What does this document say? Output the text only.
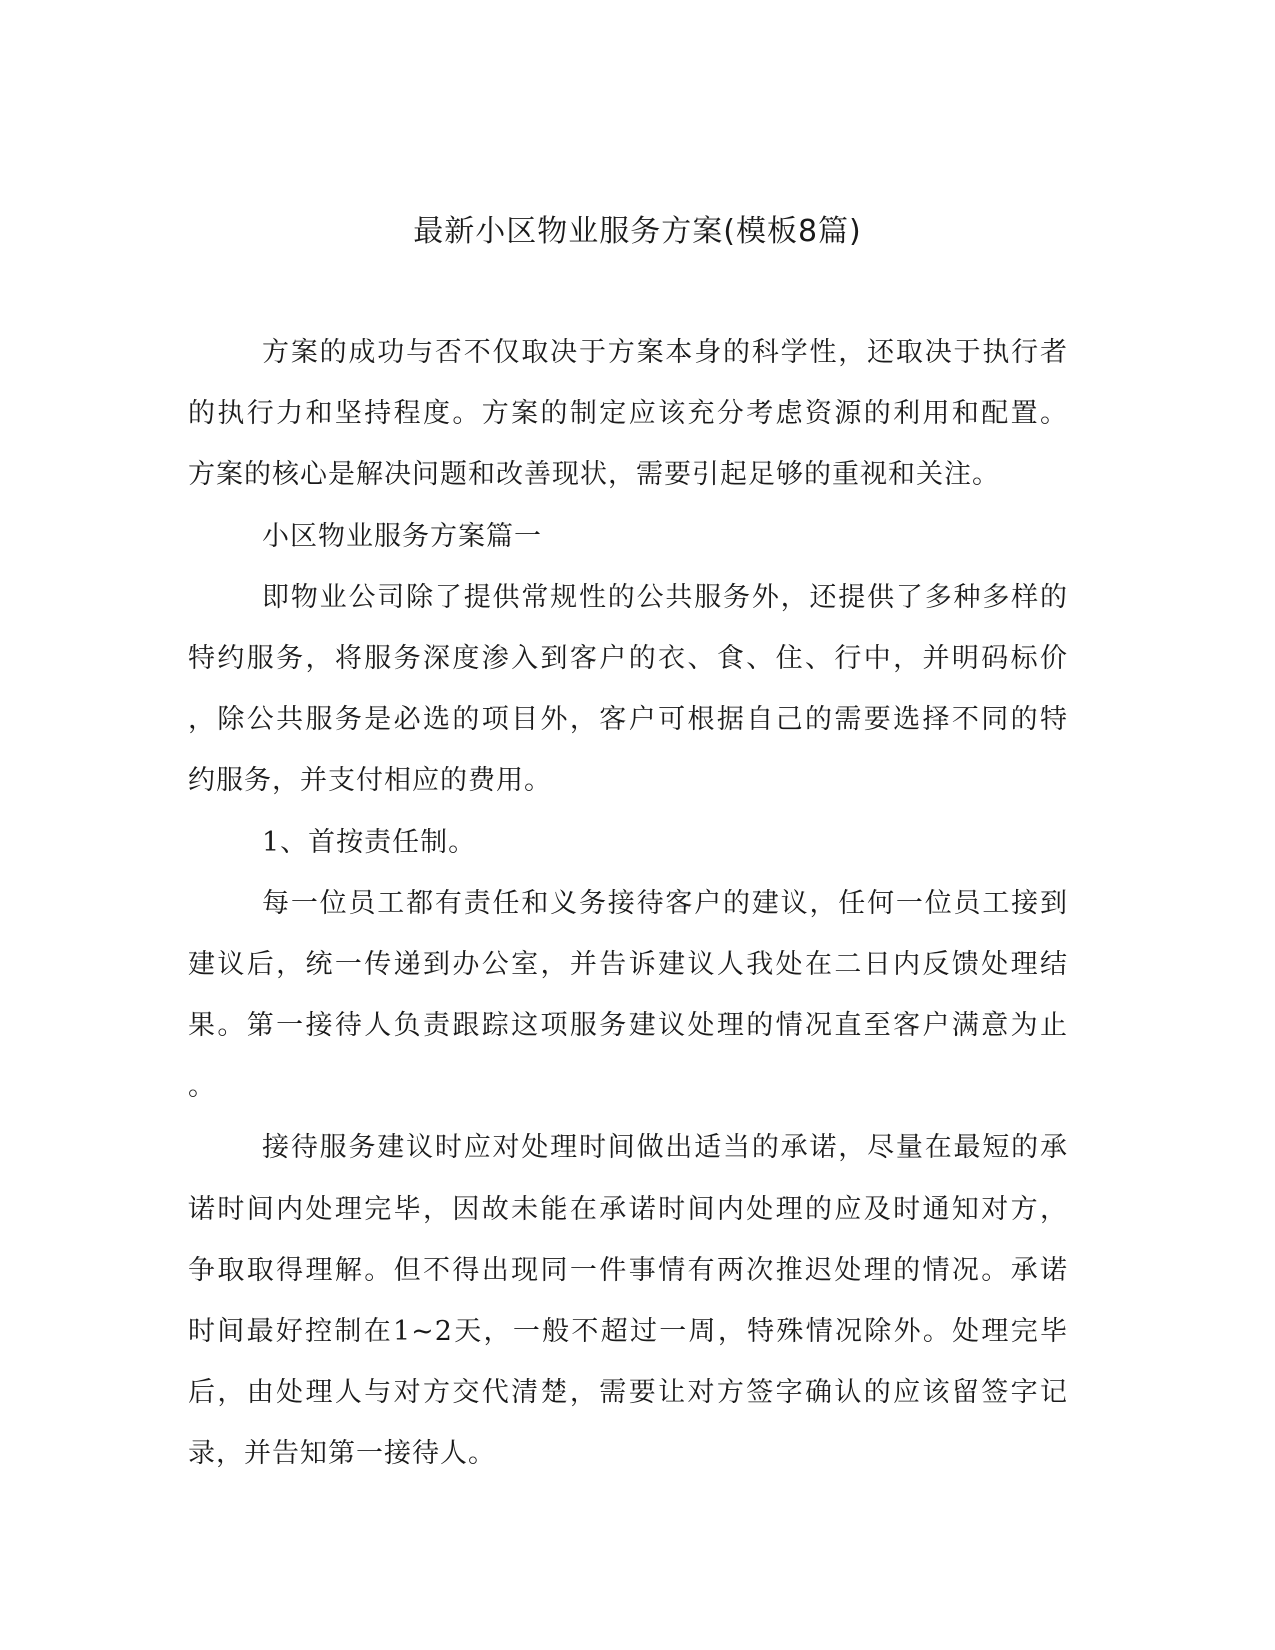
最新小区物业服务方案(模板8篇)
方案的成功与否不仅取决于方案本身的科学性，还取决于执行者
的执行力和坚持程度。方案的制定应该充分考虑资源的利用和配置。
方案的核心是解决问题和改善现状，需要引起足够的重视和关注。
小区物业服务方案篇一
即物业公司除了提供常规性的公共服务外，还提供了多种多样的
特约服务，将服务深度渗入到客户的衣、食、住、行中，并明码标价
，除公共服务是必选的项目外，客户可根据自己的需要选择不同的特
约服务，并支付相应的费用。
1、首按责任制。
每一位员工都有责任和义务接待客户的建议，任何一位员工接到
建议后，统一传递到办公室，并告诉建议人我处在二日内反馈处理结
果。第一接待人负责跟踪这项服务建议处理的情况直至客户满意为止
。
接待服务建议时应对处理时间做出适当的承诺，尽量在最短的承
诺时间内处理完毕，因故未能在承诺时间内处理的应及时通知对方，
争取取得理解。但不得出现同一件事情有两次推迟处理的情况。承诺
时间最好控制在1~2天，一般不超过一周，特殊情况除外。处理完毕
后，由处理人与对方交代清楚，需要让对方签字确认的应该留签字记
录，并告知第一接待人。
